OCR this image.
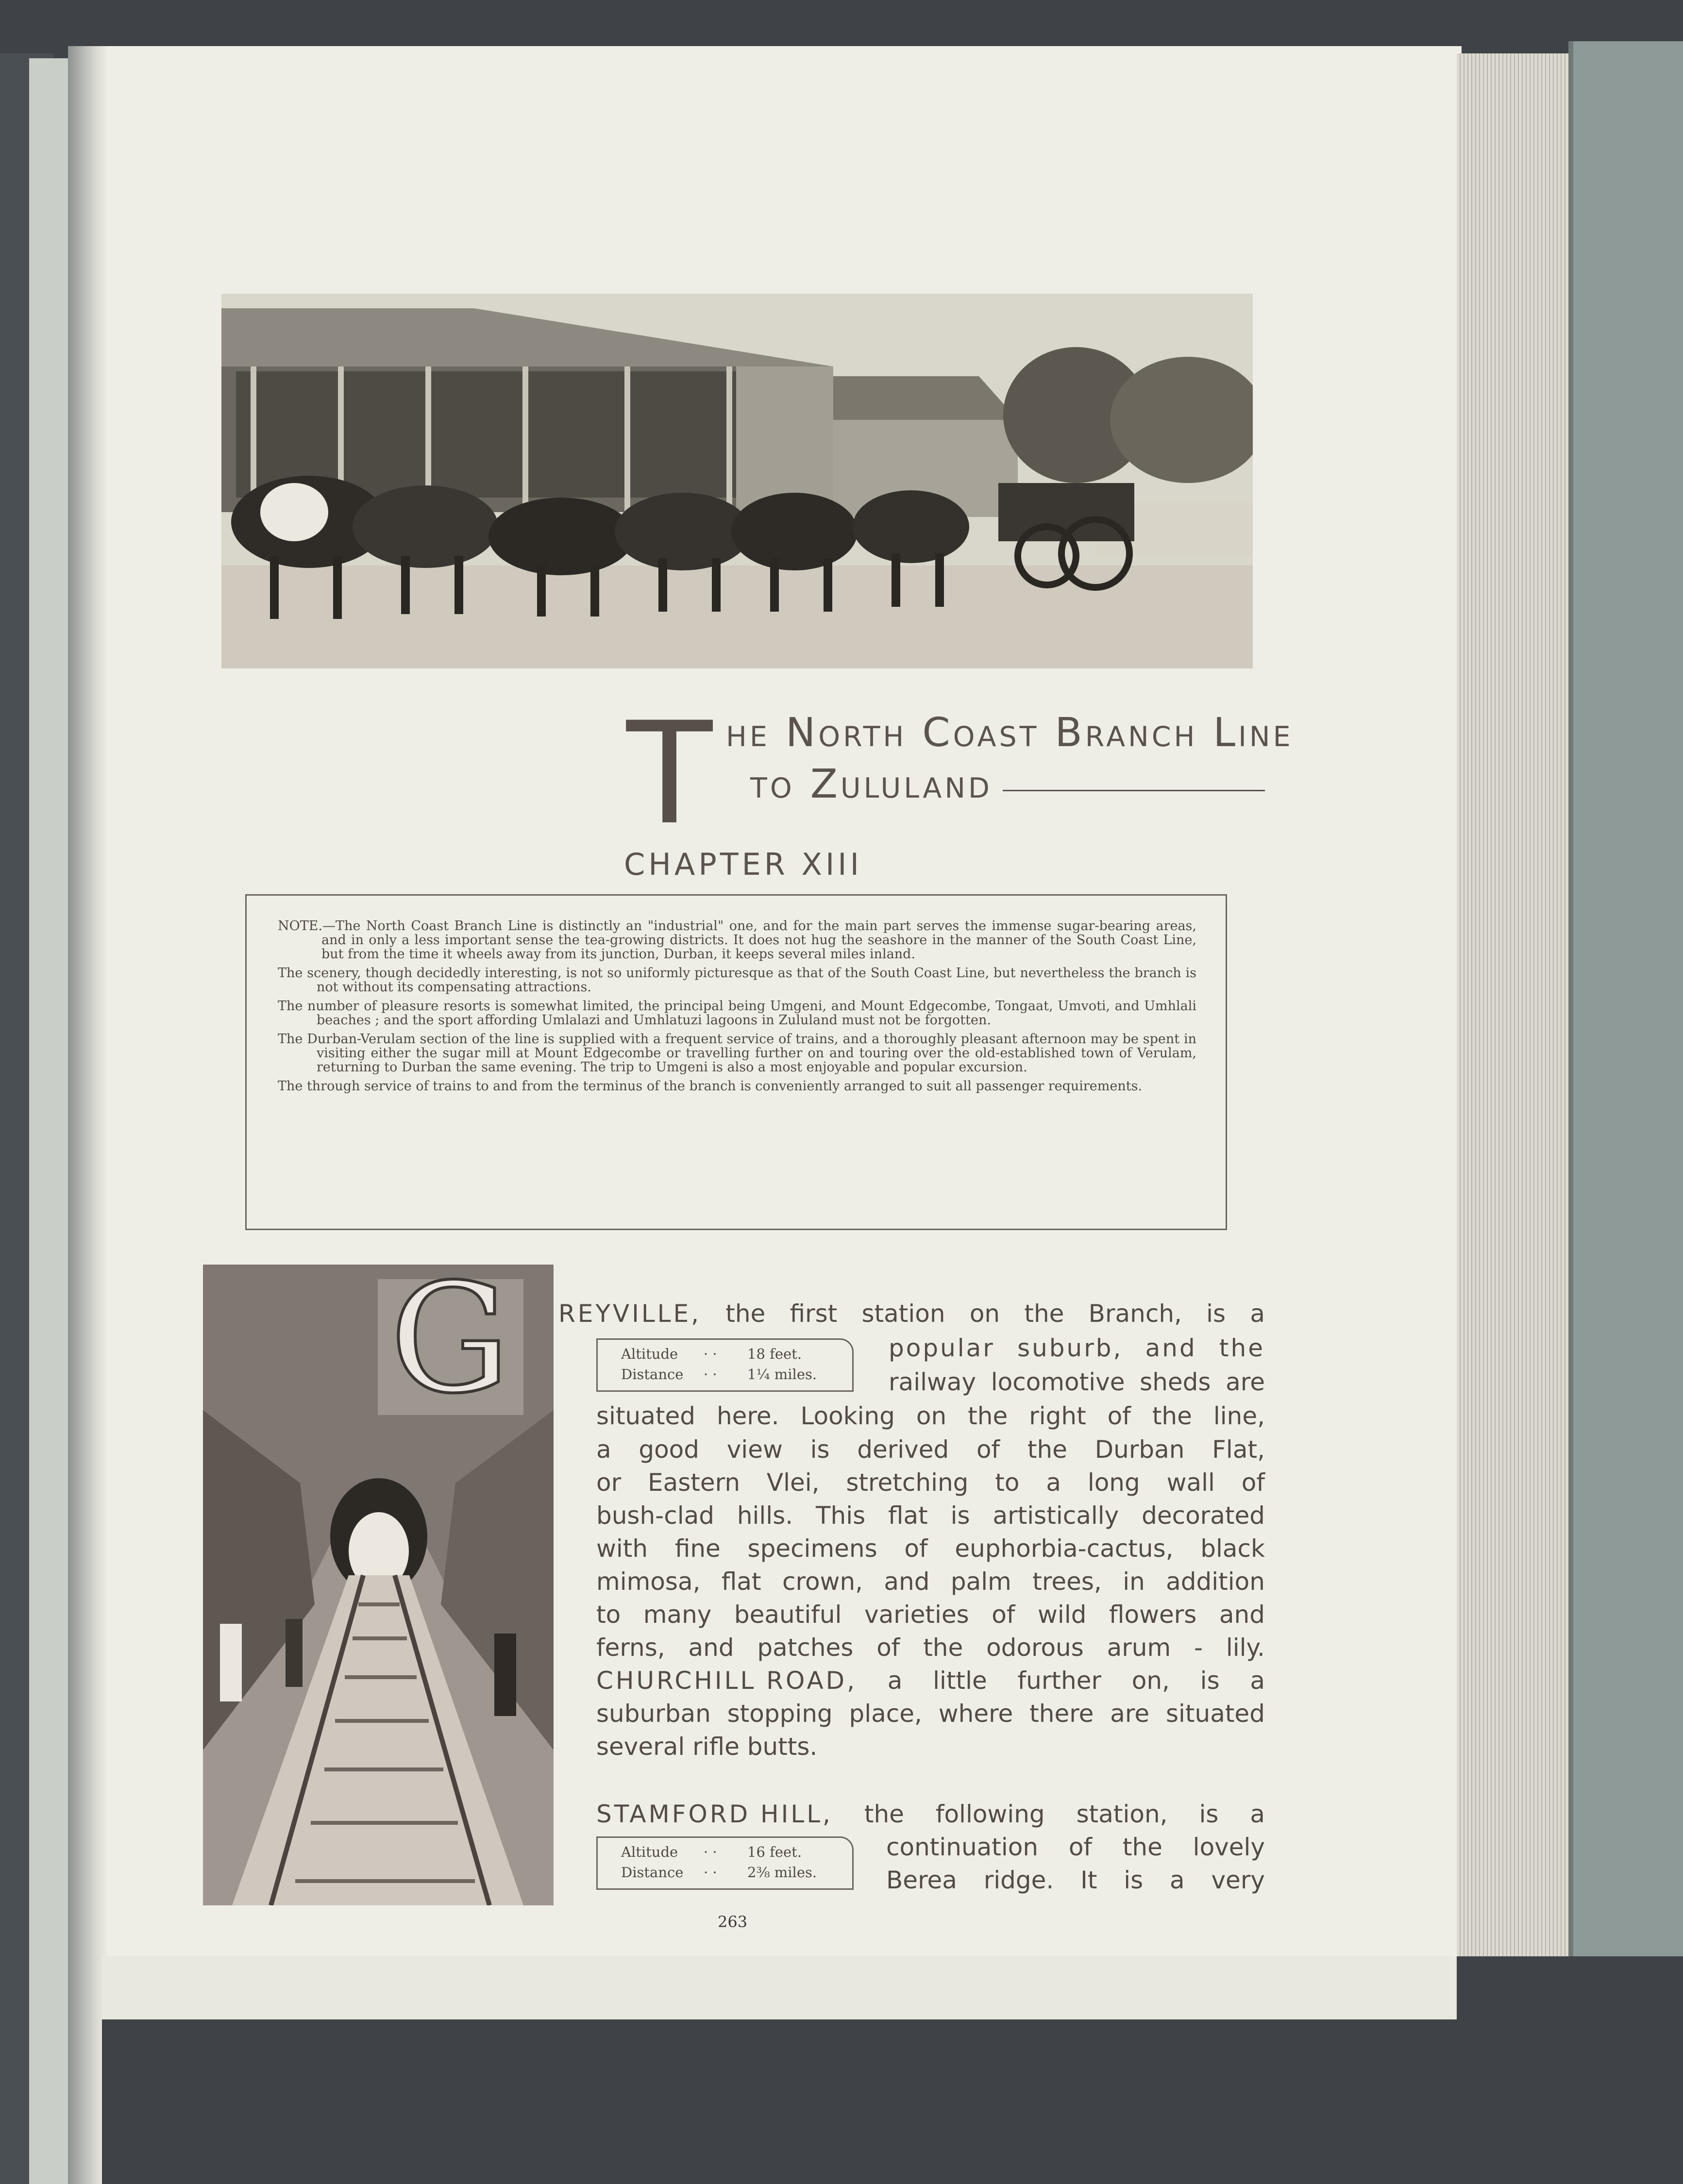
T he North Coast Branch Line
to Zululand
CHAPTER XIII

NOTE.—The North Coast Branch Line is distinctly an "industrial" one, and for the main part serves the immense sugar-bearing areas, and in only a less important sense the tea-growing districts. It does not hug the seashore in the manner of the South Coast Line, but from the time it wheels away from its junction, Durban, it keeps several miles inland.

The scenery, though decidedly interesting, is not so uniformly picturesque as that of the South Coast Line, but nevertheless the branch is not without its compensating attractions.

The number of pleasure resorts is somewhat limited, the principal being Umgeni, and Mount Edgecombe, Tongaat, Umvoti, and Umhlali beaches ; and the sport affording Umlalazi and Umhlatuzi lagoons in Zululand must not be forgotten.

The Durban-Verulam section of the line is supplied with a frequent service of trains, and a thoroughly pleasant afternoon may be spent in visiting either the sugar mill at Mount Edgecombe or travelling further on and touring over the old-established town of Verulam, returning to Durban the same evening. The trip to Umgeni is also a most enjoyable and popular excursion.

The through service of trains to and from the terminus of the branch is conveniently arranged to suit all passenger requirements.

G REYVILLE, the first station on the Branch, is a
Altitude	· ·	18 feet.
Distance	· ·	1¼ miles.
popular suburb, and the
railway locomotive sheds are
situated here. Looking on the right of the line,
a good view is derived of the Durban Flat,
or Eastern Vlei, stretching to a long wall of
bush-clad hills. This flat is artistically decorated
with fine specimens of euphorbia-cactus, black
mimosa, flat crown, and palm trees, in addition
to many beautiful varieties of wild flowers and
ferns, and patches of the odorous arum - lily.
CHURCHILL ROAD, a little further on, is a
suburban stopping place, where there are situated
several rifle butts.
STAMFORD HILL, the following station, is a
Altitude	· ·	16 feet.
Distance	· ·	2⅜ miles.
continuation of the lovely
Berea ridge. It is a very
263
